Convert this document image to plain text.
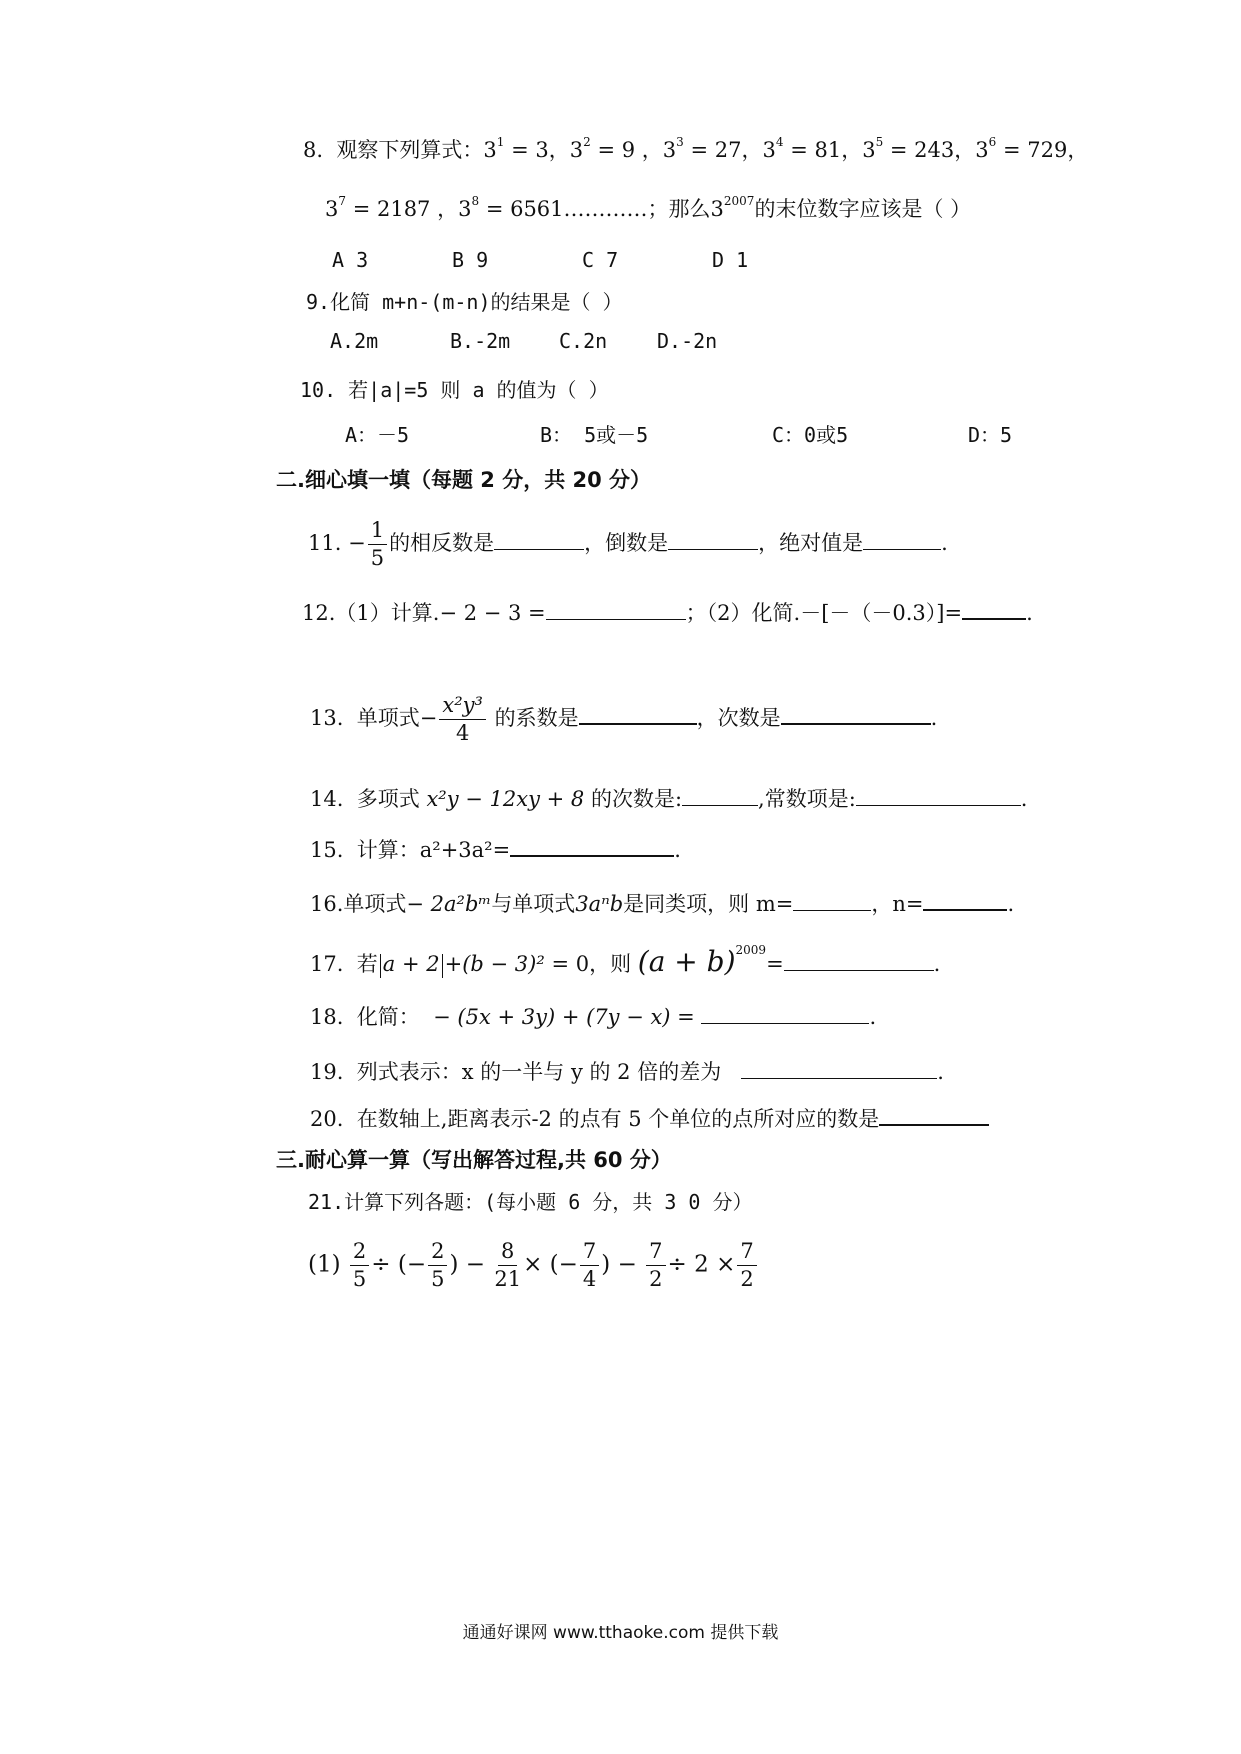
8. 观察下列算式：$3^1 = 3$，$3^2 = 9$ ，$3^3 = 27$，$3^4 = 81$，$3^5 = 243$，$3^6 = 729$，
$3^7 = 2187$ ，$3^8$ = 6561…………；那么$3^{2007}$的末位数字应该是（ ）
A 3	B 9	C 7	D 1
9.化简 m+n-(m-n)的结果是（ ）
A.2m	B.-2m C.2n D.-2n
10. 若|a|=5 则 a 的值为（ ）
A：－5	B： 5或－5	C：0或5	D：5
二.细心填一填（每题 2 分，共 20 分）
11. − $\frac{1}{5}$ 的相反数是	，倒数是	，绝对值是	.
12.（1）计算.− 2 − 3 =	；（2）化简.－[－（－0.3）]=	.
13. 单项式− $\frac{\text{x²y³}}{4}$ 的系数是	，次数是	.
14. 多项式 x²y − 12xy + 8 的次数是:	,常数项是:	.
15. 计算：a²+3a²=	.
16.单项式− 2a²bᵐ与单项式3aⁿb是同类项，则 m=	，n=	.
17. 若 a + 2 +(b − 3)² = 0，则 $(a + b)^{2009}=$	.
18. 化简： − (5x + 3y) + (7y − x) =	.
19. 列式表示：x 的一半与 y 的 2 倍的差为	.
20. 在数轴上,距离表示-2 的点有 5 个单位的点所对应的数是
三.耐心算一算（写出解答过程,共 60 分）
21.计算下列各题：(每小题 6 分，共 3 0 分）
$(1) \frac{2}{5}$ ÷ (− $\frac{2}{5}$ ) − $\frac{8}{21}$ × (− $\frac{7}{4}$ ) − $\frac{7}{2} \div 2 \times \frac{7}{2}$
通通好课网 www.tthaoke.com 提供下载
